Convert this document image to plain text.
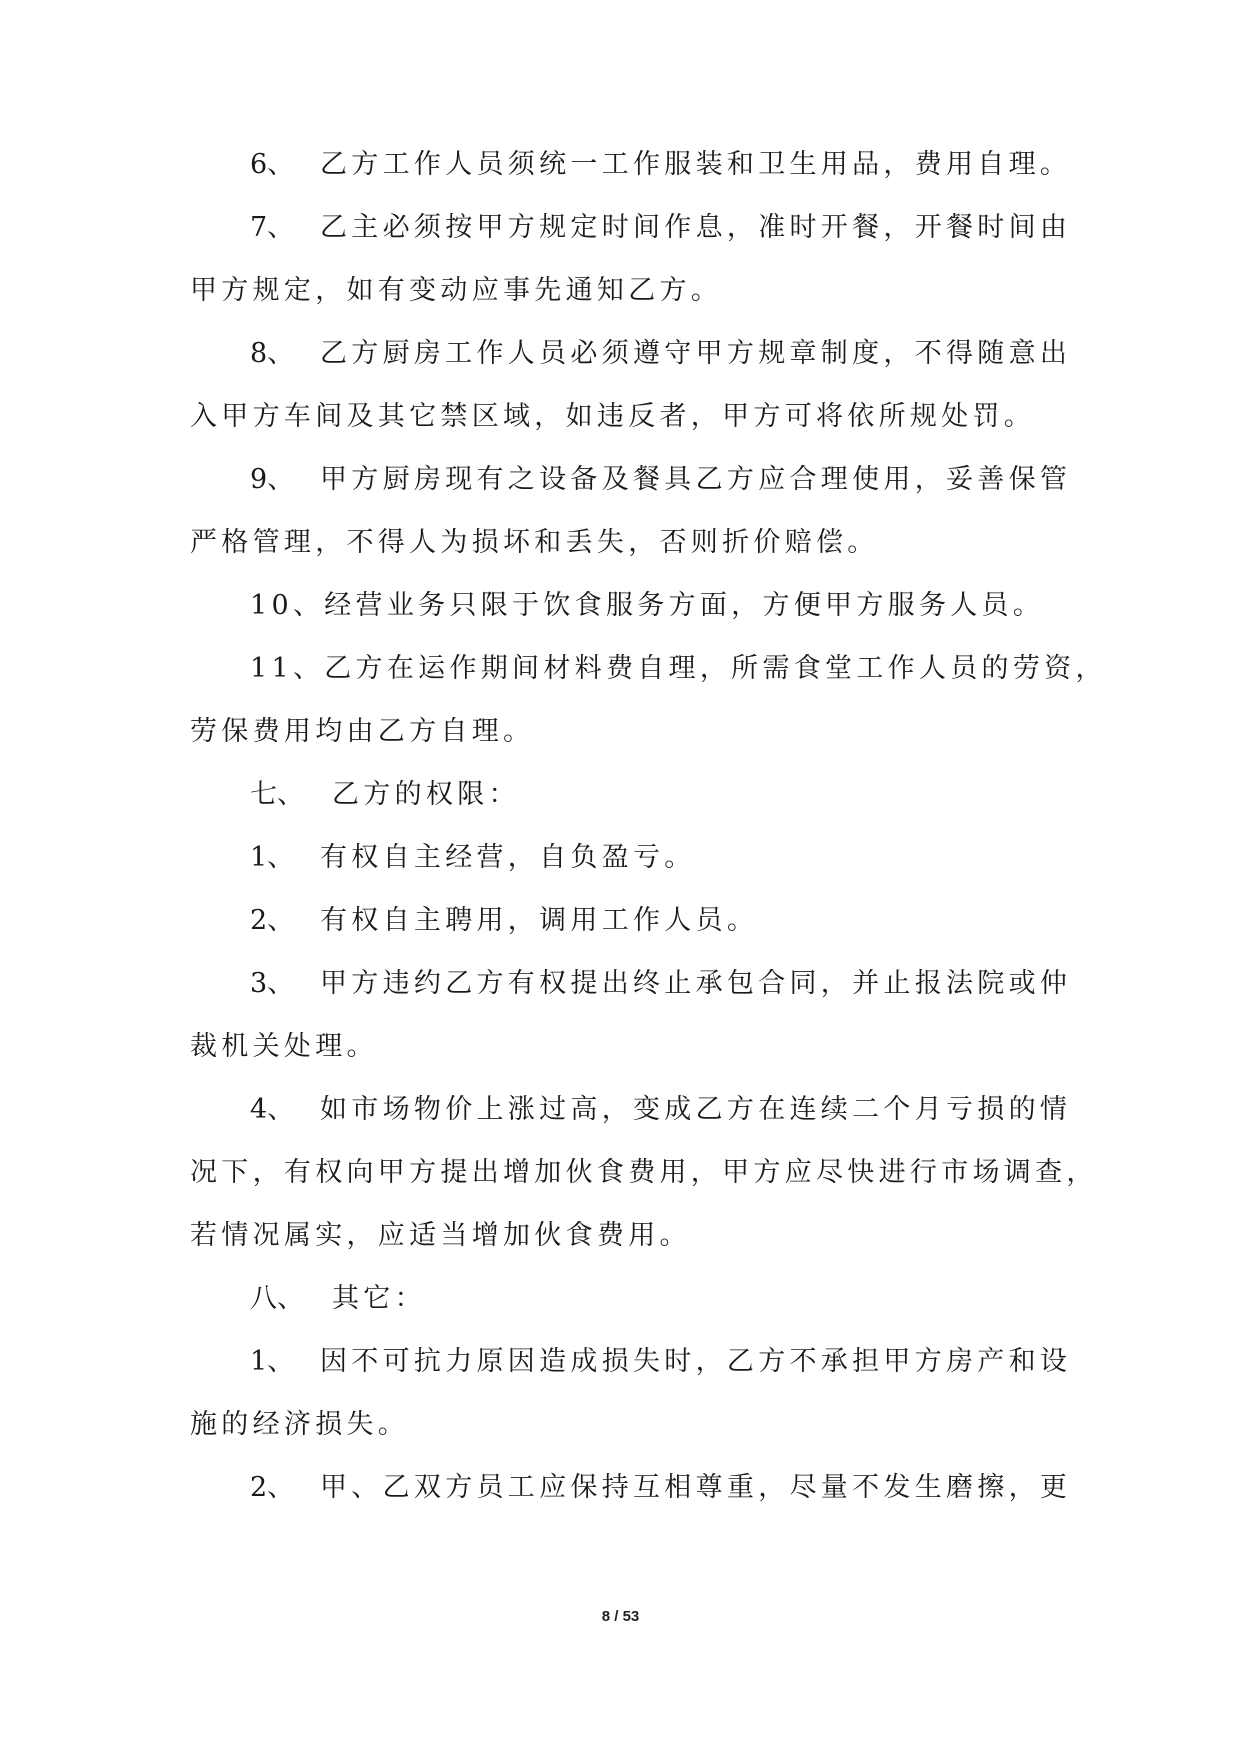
6、 乙方工作人员须统一工作服装和卫生用品，费用自理。
7、 乙主必须按甲方规定时间作息，准时开餐，开餐时间由
甲方规定，如有变动应事先通知乙方。
8、 乙方厨房工作人员必须遵守甲方规章制度，不得随意出
入甲方车间及其它禁区域，如违反者，甲方可将依所规处罚。
9、 甲方厨房现有之设备及餐具乙方应合理使用，妥善保管
严格管理，不得人为损坏和丢失，否则折价赔偿。
10、经营业务只限于饮食服务方面，方便甲方服务人员。
11、乙方在运作期间材料费自理，所需食堂工作人员的劳资，
劳保费用均由乙方自理。
七、 乙方的权限：
1、 有权自主经营，自负盈亏。
2、 有权自主聘用，调用工作人员。
3、 甲方违约乙方有权提出终止承包合同，并止报法院或仲
裁机关处理。
4、 如市场物价上涨过高，变成乙方在连续二个月亏损的情
况下，有权向甲方提出增加伙食费用，甲方应尽快进行市场调查，
若情况属实，应适当增加伙食费用。
八、 其它：
1、 因不可抗力原因造成损失时，乙方不承担甲方房产和设
施的经济损失。
2、 甲、乙双方员工应保持互相尊重，尽量不发生磨擦，更
8 / 53
